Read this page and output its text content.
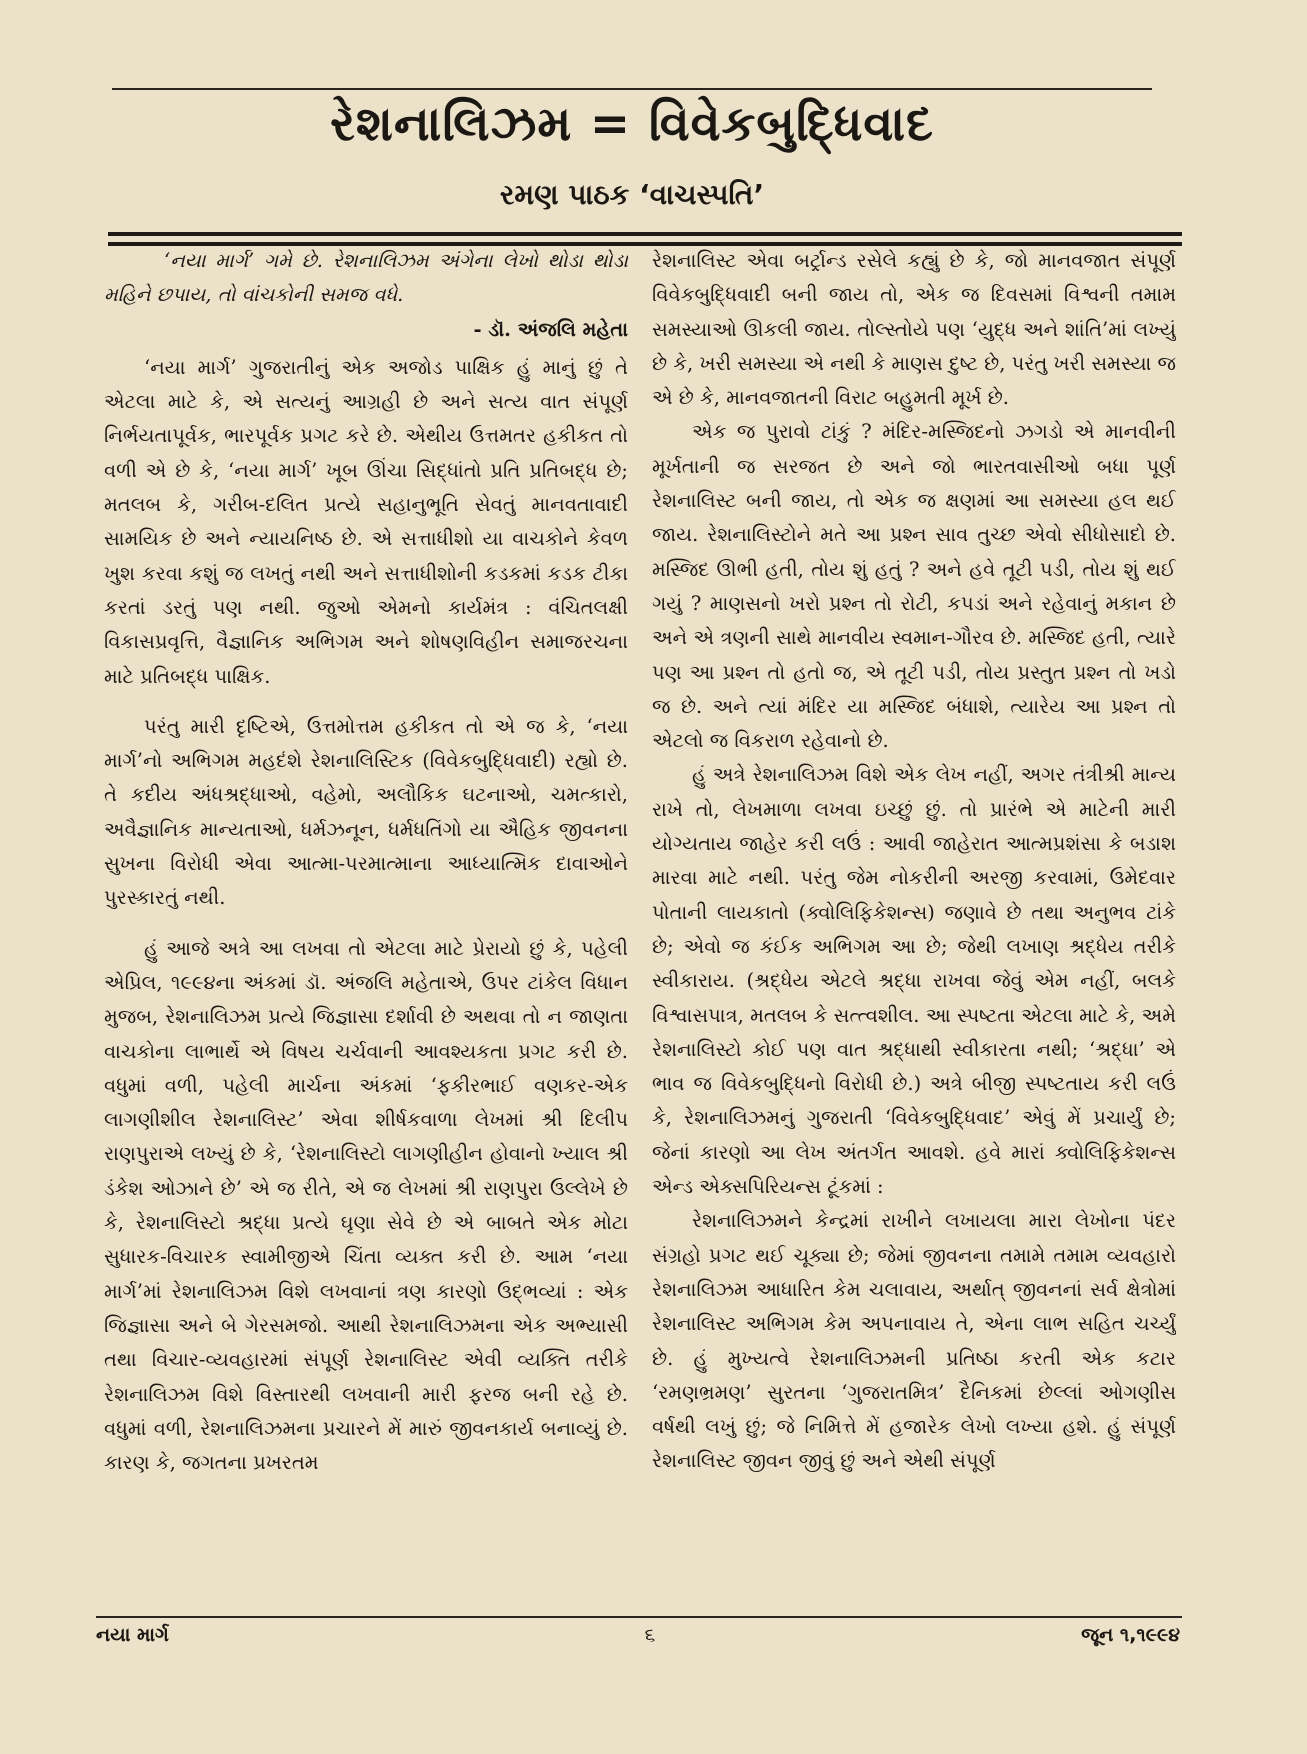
રેશનાલિઝમ = વિવેકબુદ્ધિવાદ
રમણ પાઠક ‘વાચસ્પતિ’

‘નયા માર્ગ’ ગમે છે. રેશનાલિઝમ અંગેના લેખો થોડા થોડા મહિને છપાય, તો વાંચકોની સમજ વધે.

- ડૉ. અંજલિ મહેતા

‘નયા માર્ગ’ ગુજરાતીનું એક અજોડ પાક્ષિક હું માનું છું તે એટલા માટે કે, એ સત્યનું આગ્રહી છે અને સત્ય વાત સંપૂર્ણ નિર્ભયતાપૂર્વક, ભારપૂર્વક પ્રગટ કરે છે. એથીય ઉત્તમતર હકીકત તો વળી એ છે કે, ‘નયા માર્ગ’ ખૂબ ઊંચા સિદ્ધાંતો પ્રતિ પ્રતિબદ્ધ છે; મતલબ કે, ગરીબ-દલિત પ્રત્યે સહાનુભૂતિ સેવતું માનવતાવાદી સામયિક છે અને ન્યાયનિષ્ઠ છે. એ સત્તાધીશો યા વાચકોને કેવળ ખુશ કરવા કશું જ લખતું નથી અને સત્તાધીશોની કડકમાં કડક ટીકા કરતાં ડરતું પણ નથી. જુઓ એમનો કાર્યમંત્ર : વંચિતલક્ષી વિકાસપ્રવૃત્તિ, વૈજ્ઞાનિક અભિગમ અને શોષણવિહીન સમાજરચના માટે પ્રતિબદ્ધ પાક્ષિક.

પરંતુ મારી દૃષ્ટિએ, ઉત્તમોત્તમ હકીકત તો એ જ કે, ‘નયા માર્ગ’નો અભિગમ મહદંશે રેશનાલિસ્ટિક (વિવેકબુદ્ધિવાદી) રહ્યો છે. તે કદીય અંધશ્રદ્ધાઓ, વહેમો, અલૌકિક ઘટનાઓ, ચમત્કારો, અવૈજ્ઞાનિક માન્યતાઓ, ધર્મઝનૂન, ધર્મધતિંગો યા ઐહિક જીવનના સુખના વિરોધી એવા આત્મા-પરમાત્માના આધ્યાત્મિક દાવાઓને પુરસ્કારતું નથી.

હું આજે અત્રે આ લખવા તો એટલા માટે પ્રેરાયો છું કે, પહેલી એપ્રિલ, ૧૯૯૪ના અંકમાં ડૉ. અંજલિ મહેતાએ, ઉપર ટાંકેલ વિધાન મુજબ, રેશનાલિઝમ પ્રત્યે જિજ્ઞાસા દર્શાવી છે અથવા તો ન જાણતા વાચકોના લાભાર્થે એ વિષય ચર્ચવાની આવશ્યકતા પ્રગટ કરી છે. વધુમાં વળી, પહેલી માર્ચના અંકમાં ‘ફકીરભાઈ વણકર-એક લાગણીશીલ રેશનાલિસ્ટ’ એવા શીર્ષકવાળા લેખમાં શ્રી દિલીપ રાણપુરાએ લખ્યું છે કે, ‘રેશનાલિસ્ટો લાગણીહીન હોવાનો ખ્યાલ શ્રી ડંકેશ ઓઝાને છે’ એ જ રીતે, એ જ લેખમાં શ્રી રાણપુરા ઉલ્લેખે છે કે, રેશનાલિસ્ટો શ્રદ્ધા પ્રત્યે ઘૃણા સેવે છે એ બાબતે એક મોટા સુધારક-વિચારક સ્વામીજીએ ચિંતા વ્યક્ત કરી છે. આમ ‘નયા માર્ગ’માં રેશનાલિઝમ વિશે લખવાનાં ત્રણ કારણો ઉદ્ભવ્યાં : એક જિજ્ઞાસા અને બે ગેરસમજો. આથી રેશનાલિઝમના એક અભ્યાસી તથા વિચાર-વ્યવહારમાં સંપૂર્ણ રેશનાલિસ્ટ એવી વ્યક્તિ તરીકે રેશનાલિઝમ વિશે વિસ્તારથી લખવાની મારી ફરજ બની રહે છે. વધુમાં વળી, રેશનાલિઝમના પ્રચારને મેં મારું જીવનકાર્ય બનાવ્યું છે. કારણ કે, જગતના પ્રખરતમ

રેશનાલિસ્ટ એવા બર્ટ્રાન્ડ રસેલે કહ્યું છે કે, જો માનવજાત સંપૂર્ણ વિવેકબુદ્ધિવાદી બની જાય તો, એક જ દિવસમાં વિશ્વની તમામ સમસ્યાઓ ઊકલી જાય. તોલ્સ્તોયે પણ ‘યુદ્ધ અને શાંતિ’માં લખ્યું છે કે, ખરી સમસ્યા એ નથી કે માણસ દુષ્ટ છે, પરંતુ ખરી સમસ્યા જ એ છે કે, માનવજાતની વિરાટ બહુમતી મૂર્ખ છે.

એક જ પુરાવો ટાંકું ? મંદિર-મસ્જિદનો ઝગડો એ માનવીની મૂર્ખતાની જ સરજત છે અને જો ભારતવાસીઓ બધા પૂર્ણ રેશનાલિસ્ટ બની જાય, તો એક જ ક્ષણમાં આ સમસ્યા હલ થઈ જાય. રેશનાલિસ્ટોને મતે આ પ્રશ્ન સાવ તુચ્છ એવો સીધોસાદો છે. મસ્જિદ ઊભી હતી, તોય શું હતું ? અને હવે તૂટી પડી, તોય શું થઈ ગયું ? માણસનો ખરો પ્રશ્ન તો રોટી, કપડાં અને રહેવાનું મકાન છે અને એ ત્રણની સાથે માનવીય સ્વમાન-ગૌરવ છે. મસ્જિદ હતી, ત્યારે પણ આ પ્રશ્ન તો હતો જ, એ તૂટી પડી, તોય પ્રસ્તુત પ્રશ્ન તો ખડો જ છે. અને ત્યાં મંદિર યા મસ્જિદ બંધાશે, ત્યારેય આ પ્રશ્ન તો એટલો જ વિકરાળ રહેવાનો છે.

હું અત્રે રેશનાલિઝમ વિશે એક લેખ નહીં, અગર તંત્રીશ્રી માન્ય રાખે તો, લેખમાળા લખવા ઇચ્છું છું. તો પ્રારંભે એ માટેની મારી યોગ્યતાય જાહેર કરી લઉં : આવી જાહેરાત આત્મપ્રશંસા કે બડાશ મારવા માટે નથી. પરંતુ જેમ નોકરીની અરજી કરવામાં, ઉમેદવાર પોતાની લાયકાતો (ક્વોલિફિકેશન્સ) જણાવે છે તથા અનુભવ ટાંકે છે; એવો જ કંઈક અભિગમ આ છે; જેથી લખાણ શ્રદ્ધેય તરીકે સ્વીકારાય. (શ્રદ્ધેય એટલે શ્રદ્ધા રાખવા જેવું એમ નહીં, બલકે વિશ્વાસપાત્ર, મતલબ કે સત્ત્વશીલ. આ સ્પષ્ટતા એટલા માટે કે, અમે રેશનાલિસ્ટો કોઈ પણ વાત શ્રદ્ધાથી સ્વીકારતા નથી; ‘શ્રદ્ધા’ એ ભાવ જ વિવેકબુદ્ધિનો વિરોધી છે.) અત્રે બીજી સ્પષ્ટતાય કરી લઉં કે, રેશનાલિઝમનું ગુજરાતી ‘વિવેકબુદ્ધિવાદ’ એવું મેં પ્રચાર્યું છે; જેનાં કારણો આ લેખ અંતર્ગત આવશે. હવે મારાં ક્વોલિફિકેશન્સ એન્ડ એક્સપિરિયન્સ ટૂંકમાં :

રેશનાલિઝમને કેન્દ્રમાં રાખીને લખાયલા મારા લેખોના પંદર સંગ્રહો પ્રગટ થઈ ચૂક્યા છે; જેમાં જીવનના તમામે તમામ વ્યવહારો રેશનાલિઝમ આધારિત કેમ ચલાવાય, અર્થાત્ જીવનનાં સર્વ ક્ષેત્રોમાં રેશનાલિસ્ટ અભિગમ કેમ અપનાવાય તે, એના લાભ સહિત ચર્ચ્યું છે. હું મુખ્યત્વે રેશનાલિઝમની પ્રતિષ્ઠા કરતી એક કટાર ‘રમણભ્રમણ’ સુરતના ‘ગુજરાતમિત્ર’ દૈનિકમાં છેલ્લાં ઓગણીસ વર્ષથી લખું છું; જે નિમિત્તે મેં હજારેક લેખો લખ્યા હશે. હું સંપૂર્ણ રેશનાલિસ્ટ જીવન જીવું છું અને એથી સંપૂર્ણ

નયા માર્ગ	૬	જૂન ૧,૧૯૯૪
